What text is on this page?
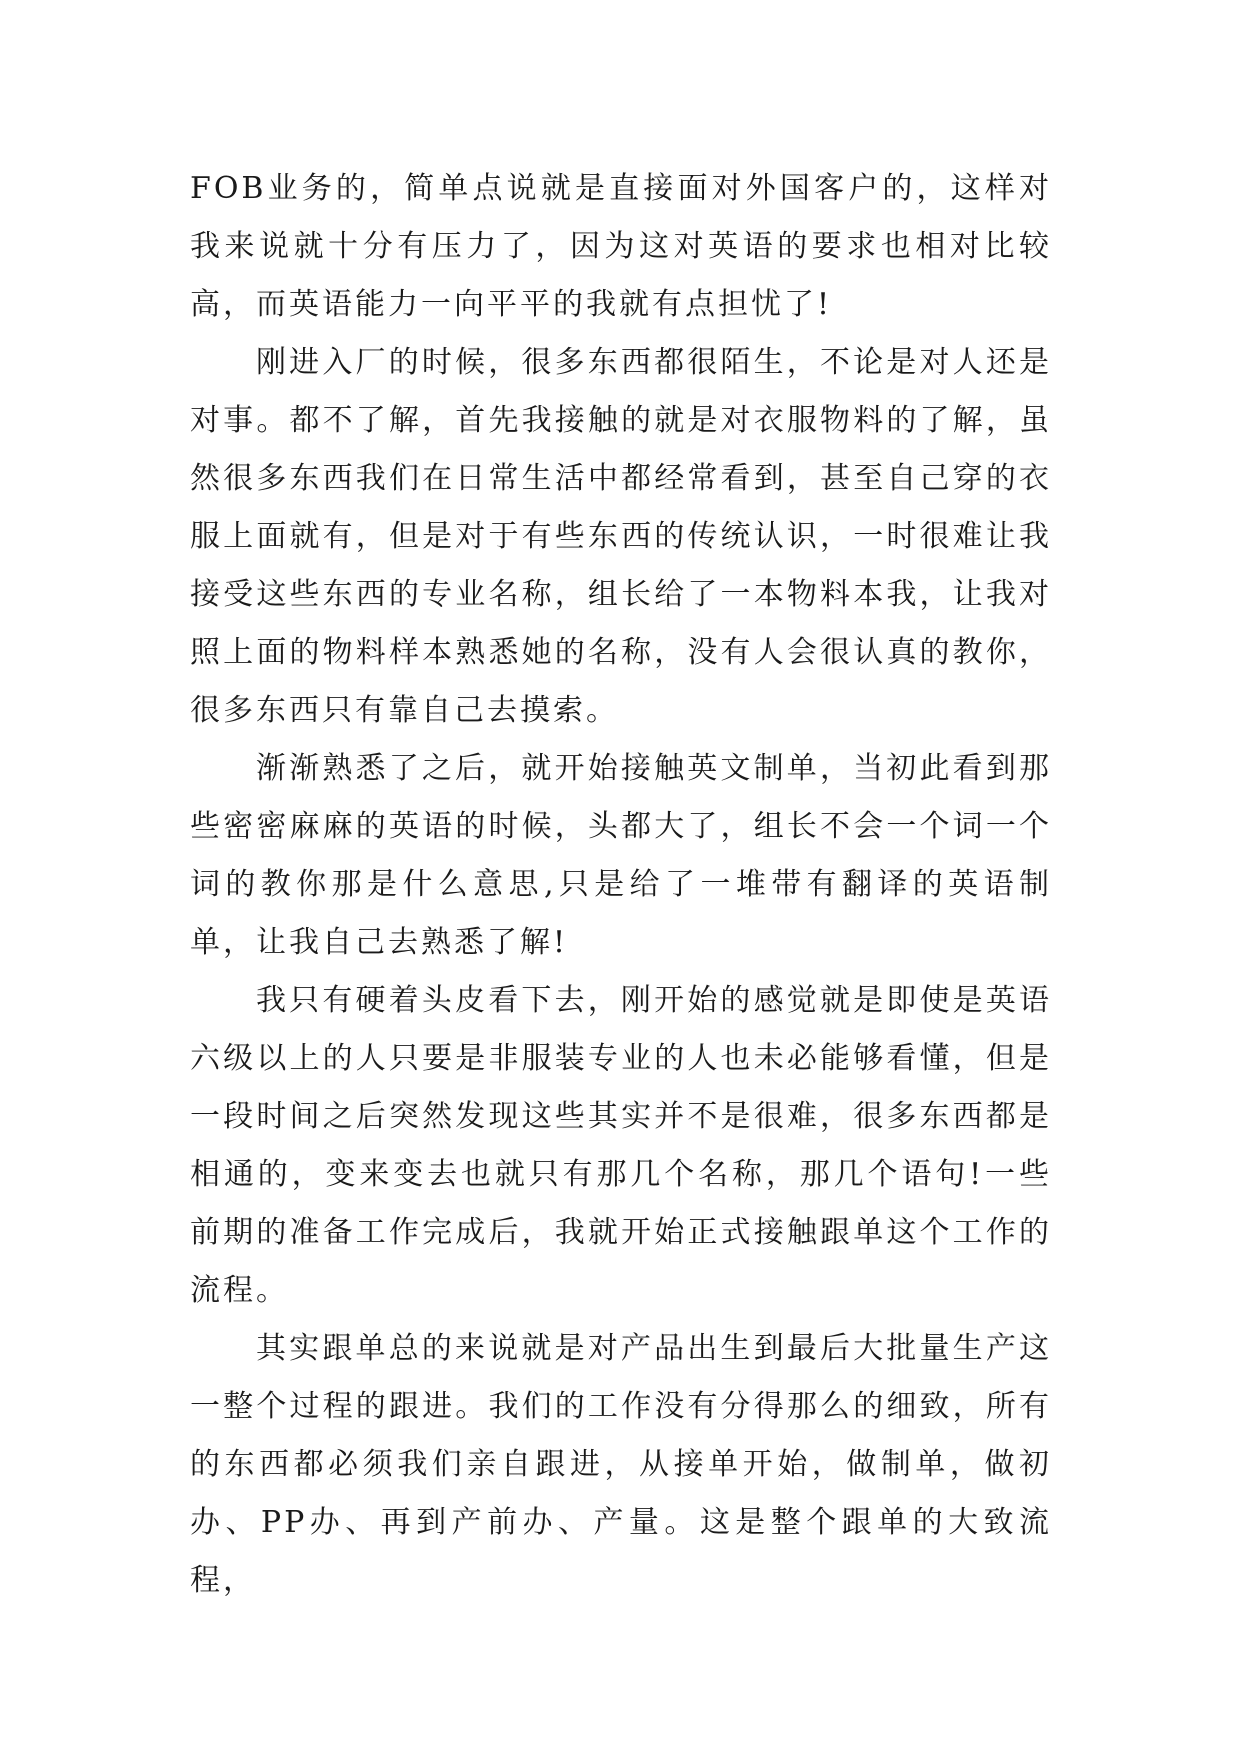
FOB业务的，简单点说就是直接面对外国客户的，这样对我来说就十分有压力了，因为这对英语的要求也相对比较高，而英语能力一向平平的我就有点担忧了!

刚进入厂的时候，很多东西都很陌生，不论是对人还是对事。都不了解，首先我接触的就是对衣服物料的了解，虽然很多东西我们在日常生活中都经常看到，甚至自己穿的衣服上面就有，但是对于有些东西的传统认识，一时很难让我接受这些东西的专业名称，组长给了一本物料本我，让我对照上面的物料样本熟悉她的名称，没有人会很认真的教你，很多东西只有靠自己去摸索。

渐渐熟悉了之后，就开始接触英文制单，当初此看到那些密密麻麻的英语的时候，头都大了，组长不会一个词一个词的教你那是什么意思,只是给了一堆带有翻译的英语制单，让我自己去熟悉了解!

我只有硬着头皮看下去，刚开始的感觉就是即使是英语六级以上的人只要是非服装专业的人也未必能够看懂，但是一段时间之后突然发现这些其实并不是很难，很多东西都是相通的，变来变去也就只有那几个名称，那几个语句!一些前期的准备工作完成后，我就开始正式接触跟单这个工作的流程。

其实跟单总的来说就是对产品出生到最后大批量生产这一整个过程的跟进。我们的工作没有分得那么的细致，所有的东西都必须我们亲自跟进，从接单开始，做制单，做初办、PP办、再到产前办、产量。这是整个跟单的大致流程，
